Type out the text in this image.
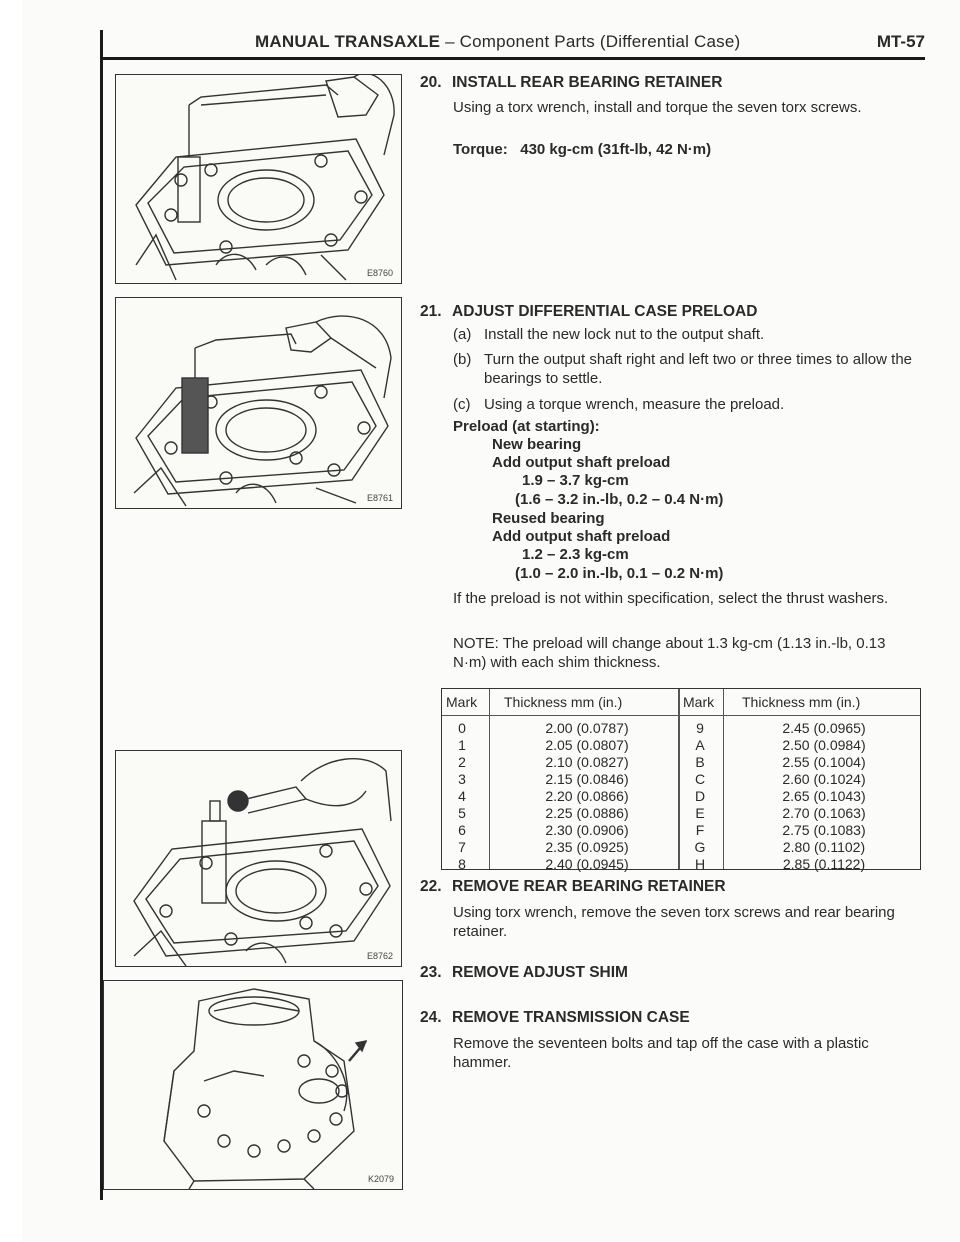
MANUAL TRANSAXLE – Component Parts (Differential Case)	MT-57
E8760
E8761
E8762
K2079
20. INSTALL REAR BEARING RETAINER
Using a torx wrench, install and torque the seven torx screws.
Torque: 430 kg-cm (31ft-lb, 42 N·m)
21. ADJUST DIFFERENTIAL CASE PRELOAD
(a) Install the new lock nut to the output shaft.
(b) Turn the output shaft right and left two or three times to allow the bearings to settle.
(c) Using a torque wrench, measure the preload.
Preload (at starting):
New bearing
Add output shaft preload
1.9 – 3.7 kg-cm
(1.6 – 3.2 in.-lb, 0.2 – 0.4 N·m)
Reused bearing
Add output shaft preload
1.2 – 2.3 kg-cm
(1.0 – 2.0 in.-lb, 0.1 – 0.2 N·m)
If the preload is not within specification, select the thrust washers.
NOTE: The preload will change about 1.3 kg-cm (1.13 in.-lb, 0.13 N·m) with each shim thickness.
Mark Thickness mm (in.)	Mark Thickness mm (in.)
0
1
2
3
4
5
6
7
8
2.00 (0.0787)
2.05 (0.0807)
2.10 (0.0827)
2.15 (0.0846)
2.20 (0.0866)
2.25 (0.0886)
2.30 (0.0906)
2.35 (0.0925)
2.40 (0.0945)
9
A
B
C
D
E
F
G
H
2.45 (0.0965)
2.50 (0.0984)
2.55 (0.1004)
2.60 (0.1024)
2.65 (0.1043)
2.70 (0.1063)
2.75 (0.1083)
2.80 (0.1102)
2.85 (0.1122)
22. REMOVE REAR BEARING RETAINER
Using torx wrench, remove the seven torx screws and rear bearing retainer.
23. REMOVE ADJUST SHIM
24. REMOVE TRANSMISSION CASE
Remove the seventeen bolts and tap off the case with a plastic hammer.
